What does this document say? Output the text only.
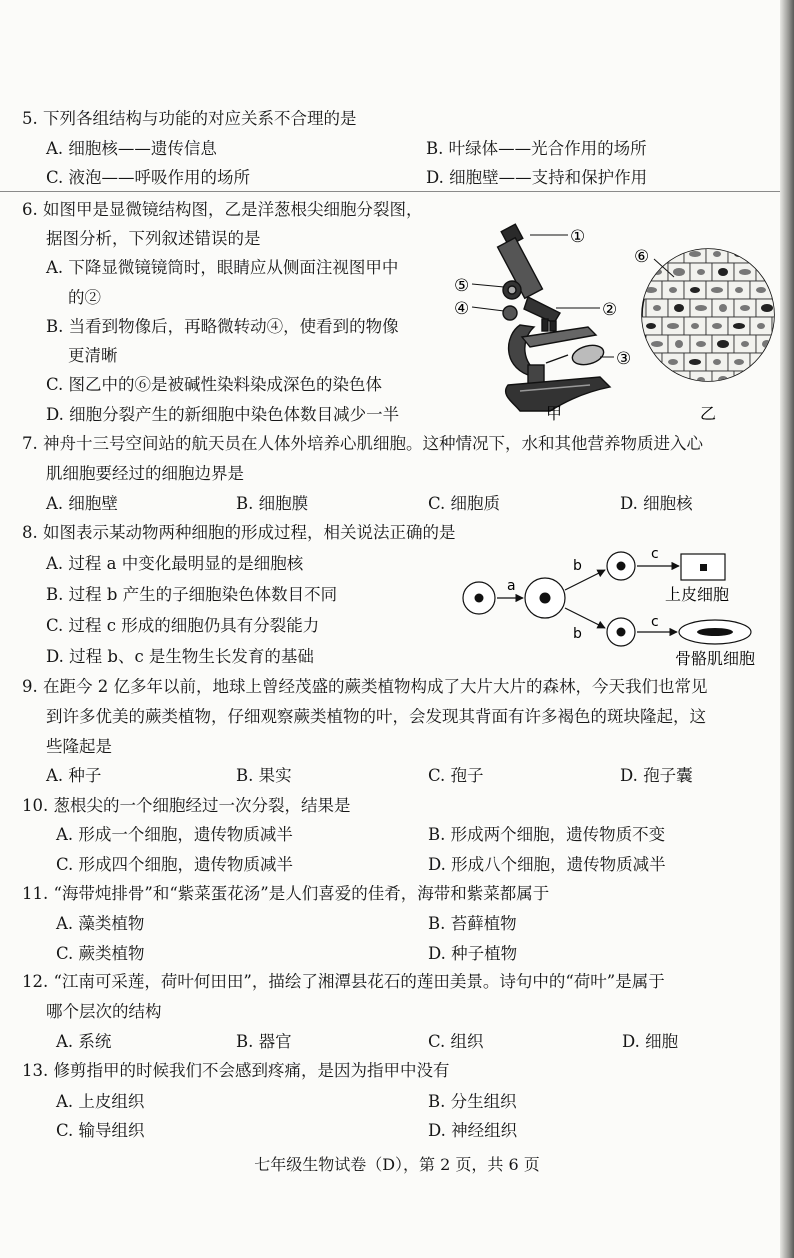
5. 下列各组结构与功能的对应关系不合理的是
A. 细胞核——遗传信息	B. 叶绿体——光合作用的场所
C. 液泡——呼吸作用的场所	D. 细胞壁——支持和保护作用
6. 如图甲是显微镜结构图，乙是洋葱根尖细胞分裂图，
据图分析，下列叙述错误的是
A. 下降显微镜镜筒时，眼睛应从侧面注视图甲中
的②
B. 当看到物像后，再略微转动④，使看到的物像
更清晰
C. 图乙中的⑥是被碱性染料染成深色的染色体
D. 细胞分裂产生的新细胞中染色体数目减少一半
①
②
③
④
⑤
甲
⑥
乙
7. 神舟十三号空间站的航天员在人体外培养心肌细胞。这种情况下，水和其他营养物质进入心
肌细胞要经过的细胞边界是
A. 细胞壁	B. 细胞膜	C. 细胞质	D. 细胞核
8. 如图表示某动物两种细胞的形成过程，相关说法正确的是
A. 过程 a 中变化最明显的是细胞核
B. 过程 b 产生的子细胞染色体数目不同
C. 过程 c 形成的细胞仍具有分裂能力
D. 过程 b、c 是生物生长发育的基础
a
b
b
c
c
上皮细胞
骨骼肌细胞
9. 在距今 2 亿多年以前，地球上曾经茂盛的蕨类植物构成了大片大片的森林，今天我们也常见
到许多优美的蕨类植物，仔细观察蕨类植物的叶，会发现其背面有许多褐色的斑块隆起，这
些隆起是
A. 种子	B. 果实	C. 孢子	D. 孢子囊
10. 葱根尖的一个细胞经过一次分裂，结果是
A. 形成一个细胞，遗传物质减半	B. 形成两个细胞，遗传物质不变
C. 形成四个细胞，遗传物质减半	D. 形成八个细胞，遗传物质减半
11. “海带炖排骨”和“紫菜蛋花汤”是人们喜爱的佳肴，海带和紫菜都属于
A. 藻类植物	B. 苔藓植物
C. 蕨类植物	D. 种子植物
12. “江南可采莲，荷叶何田田”，描绘了湘潭县花石的莲田美景。诗句中的“荷叶”是属于
哪个层次的结构
A. 系统	B. 器官	C. 组织	D. 细胞
13. 修剪指甲的时候我们不会感到疼痛，是因为指甲中没有
A. 上皮组织	B. 分生组织
C. 输导组织	D. 神经组织
七年级生物试卷（D），第 2 页，共 6 页
